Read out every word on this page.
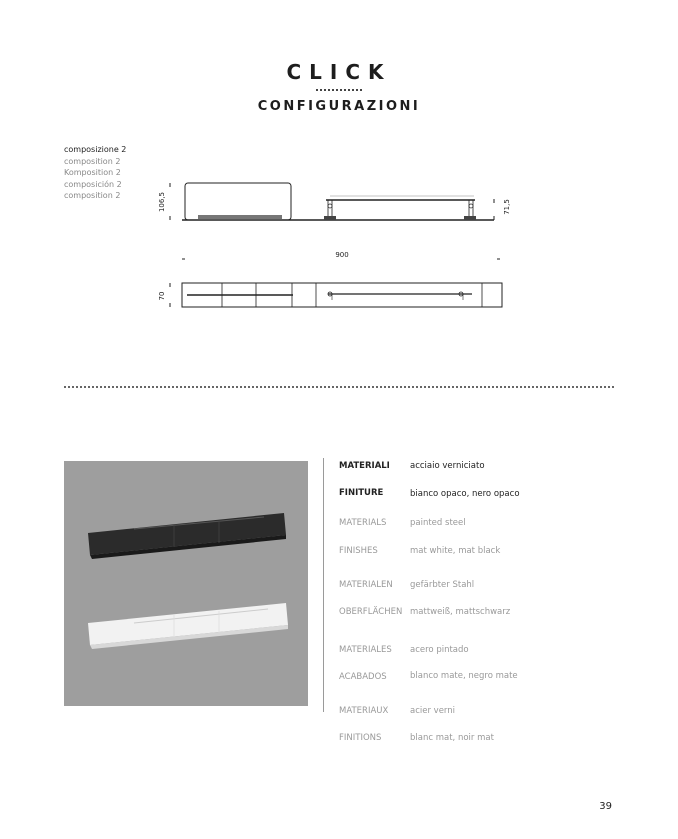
CLICK
CONFIGURAZIONI
composizione 2
composition 2
Komposition 2
composición 2
composition 2	106,5	71,5
900
70
MATERIALI acciaio verniciato
FINITURE	bianco opaco, nero opaco
MATERIALS	painted steel
FINISHES	mat white, mat black
MATERIALEN gefärbter Stahl
OBERFLÄCHEN mattweiß, mattschwarz
MATERIALES acero pintado
ACABADOS	blanco mate, negro mate
MATERIAUX	acier verni
FINITIONS	blanc mat, noir mat
39
